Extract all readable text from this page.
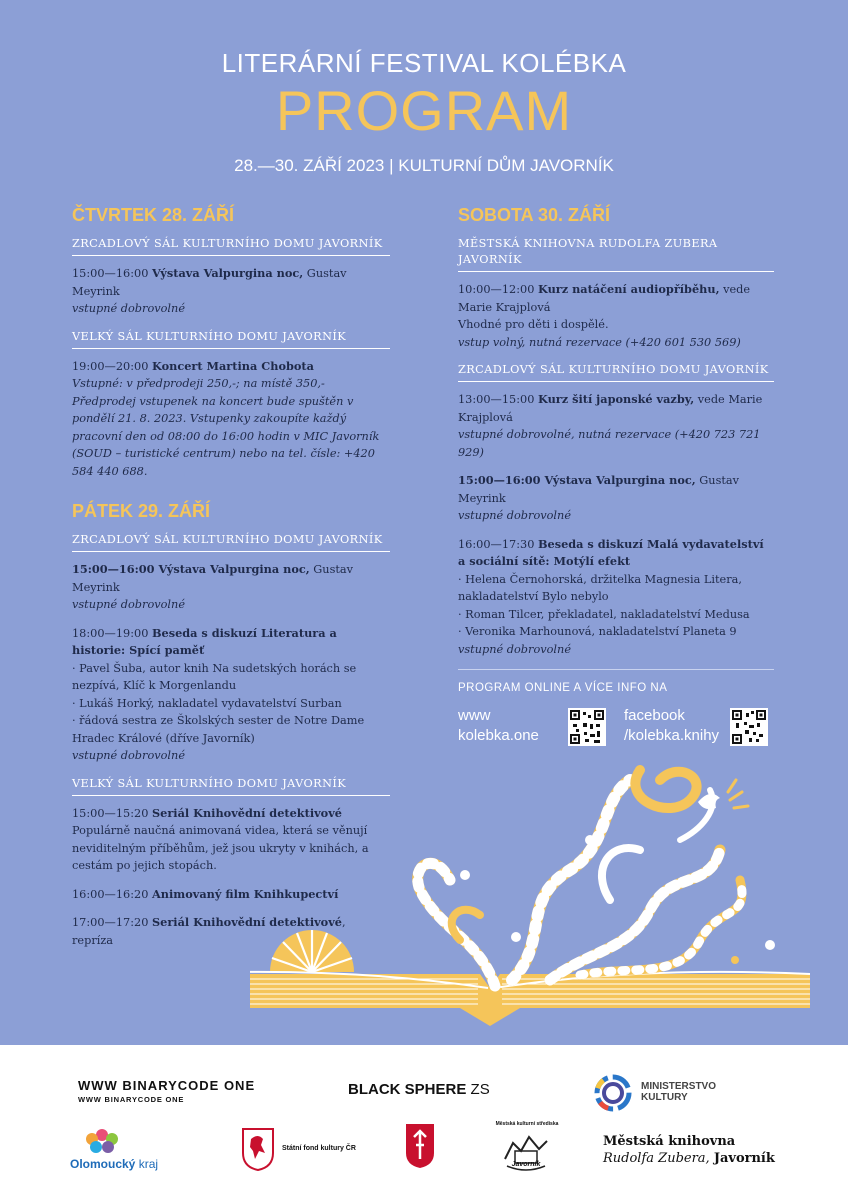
LITERÁRNÍ FESTIVAL KOLÉBKA
PROGRAM
28.—30. ZÁŘÍ 2023 | KULTURNÍ DŮM JAVORNÍK
ČTVRTEK 28. ZÁŘÍ
ZRCADLOVÝ SÁL KULTURNÍHO DOMU JAVORNÍK
15:00—16:00 Výstava Valpurgina noc, Gustav Meyrink
vstupné dobrovolné
VELKÝ SÁL KULTURNÍHO DOMU JAVORNÍK
19:00—20:00 Koncert Martina Chobota
Vstupné: v předprodeji 250,-; na místě 350,- Předprodej vstupenek na koncert bude spuštěn v pondělí 21. 8. 2023. Vstupenky zakoupíte každý pracovní den od 08:00 do 16:00 hodin v MIC Javorník (SOUD – turistické centrum) nebo na tel. čísle: +420 584 440 688.
PÁTEK 29. ZÁŘÍ
ZRCADLOVÝ SÁL KULTURNÍHO DOMU JAVORNÍK
15:00—16:00 Výstava Valpurgina noc, Gustav Meyrink
vstupné dobrovolné
18:00—19:00 Beseda s diskuzí Literatura a historie: Spící paměť
· Pavel Šuba, autor knih Na sudetských horách se nezpívá, Klíč k Morgenlandu
· Lukáš Horký, nakladatel vydavatelství Surban
· řádová sestra ze Školských sester de Notre Dame Hradec Králové (dříve Javorník)
vstupné dobrovolné
VELKÝ SÁL KULTURNÍHO DOMU JAVORNÍK
15:00—15:20 Seriál Knihovědní detektivové
Populárně naučná animovaná videa, která se věnují neviditelným příběhům, jež jsou ukryty v knihách, a cestám po jejich stopách.
16:00—16:20 Animovaný film Knihkupectví
17:00—17:20 Seriál Knihovědní detektivové, repríza
SOBOTA 30. ZÁŘÍ
MĚSTSKÁ KNIHOVNA RUDOLFA ZUBERA JAVORNÍK
10:00—12:00 Kurz natáčení audiopříběhu, vede Marie Krajplová
Vhodné pro děti i dospělé.
vstup volný, nutná rezervace (+420 601 530 569)
ZRCADLOVÝ SÁL KULTURNÍHO DOMU JAVORNÍK
13:00—15:00 Kurz šití japonské vazby, vede Marie Krajplová
vstupné dobrovolné, nutná rezervace (+420 723 721 929)
15:00—16:00 Výstava Valpurgina noc, Gustav Meyrink
vstupné dobrovolné
16:00—17:30 Beseda s diskuzí Malá vydavatelství a sociální sítě: Motýlí efekt
· Helena Černohorská, držitelka Magnesia Litera, nakladatelství Bylo nebylo
· Roman Tilcer, překladatel, nakladatelství Medusa
· Veronika Marhounová, nakladatelství Planeta 9
vstupné dobrovolné
PROGRAM ONLINE A VÍCE INFO NA
www
kolebka.one
facebook
/kolebka.knihy
WWW BINARYCODE ONE
WWW BINARYCODE ONE
BLACK SPHERE ZS	MINISTERSTVO
KULTURY
Olomoucký kraj
Státní fond kultury ČR
Městská kulturní střediska
Javorník
Městská knihovna
Rudolfa Zubera, Javorník
